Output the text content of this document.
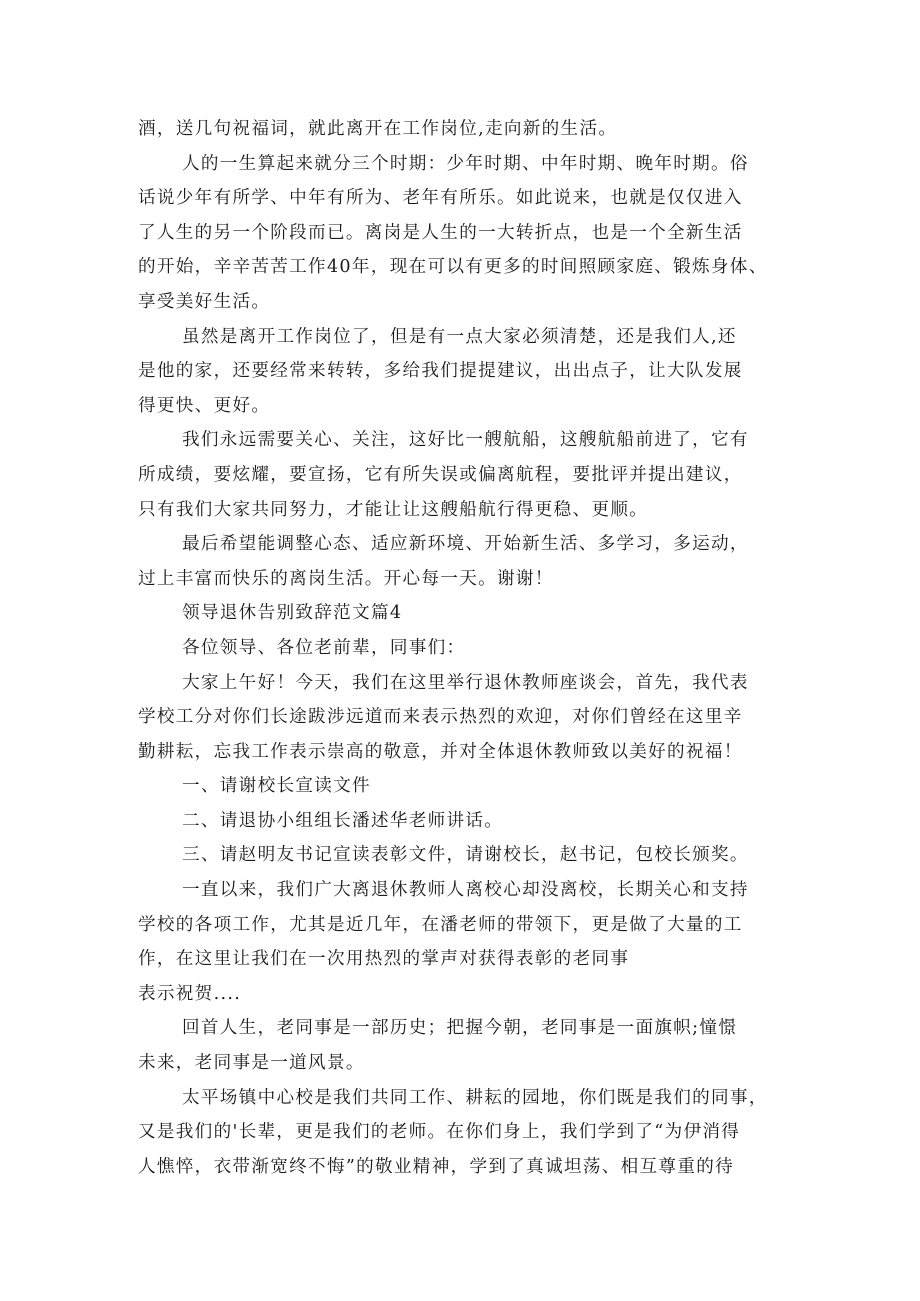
酒，送几句祝福词，就此离开在工作岗位,走向新的生活。
人的一生算起来就分三个时期：少年时期、中年时期、晚年时期。俗
话说少年有所学、中年有所为、老年有所乐。如此说来，也就是仅仅进入
了人生的另一个阶段而已。离岗是人生的一大转折点，也是一个全新生活
的开始，辛辛苦苦工作40年，现在可以有更多的时间照顾家庭、锻炼身体、
享受美好生活。
虽然是离开工作岗位了，但是有一点大家必须清楚，还是我们人,还
是他的家，还要经常来转转，多给我们提提建议，出出点子，让大队发展
得更快、更好。
我们永远需要关心、关注，这好比一艘航船，这艘航船前进了，它有
所成绩，要炫耀，要宣扬，它有所失误或偏离航程，要批评并提出建议，
只有我们大家共同努力，才能让让这艘船航行得更稳、更顺。
最后希望能调整心态、适应新环境、开始新生活、多学习，多运动，
过上丰富而快乐的离岗生活。开心每一天。谢谢！
领导退休告别致辞范文篇4
各位领导、各位老前辈，同事们：
大家上午好！今天，我们在这里举行退休教师座谈会，首先，我代表
学校工分对你们长途跋涉远道而来表示热烈的欢迎，对你们曾经在这里辛
勤耕耘，忘我工作表示崇高的敬意，并对全体退休教师致以美好的祝福！
一、请谢校长宣读文件
二、请退协小组组长潘述华老师讲话。
三、请赵明友书记宣读表彰文件，请谢校长，赵书记，包校长颁奖。
一直以来，我们广大离退休教师人离校心却没离校，长期关心和支持
学校的各项工作，尤其是近几年，在潘老师的带领下，更是做了大量的工
作，在这里让我们在一次用热烈的掌声对获得表彰的老同事
表示祝贺....
回首人生，老同事是一部历史；把握今朝，老同事是一面旗帜;憧憬
未来，老同事是一道风景。
太平场镇中心校是我们共同工作、耕耘的园地，你们既是我们的同事，
又是我们的'长辈，更是我们的老师。在你们身上，我们学到了“为伊消得
人憔悴，衣带渐宽终不悔”的敬业精神，学到了真诚坦荡、相互尊重的待
